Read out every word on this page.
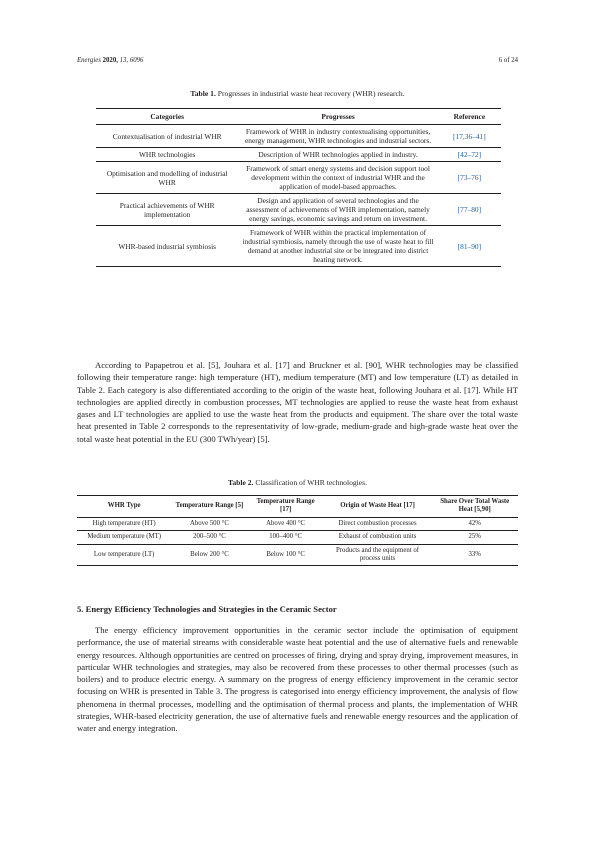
Energies 2020, 13, 6096	6 of 24
Table 1. Progresses in industrial waste heat recovery (WHR) research.
Categories	Progresses	Reference
Contextualisation of industrial WHR	Framework of WHR in industry contextualising opportunities, energy management, WHR technologies and industrial sectors.	[17,36–41]
WHR technologies	Description of WHR technologies applied in industry.	[42–72]
Optimisation and modelling of industrial WHR	Framework of smart energy systems and decision support tool development within the context of industrial WHR and the application of model-based approaches.	[73–76]
Practical achievements of WHR implementation	Design and application of several technologies and the assessment of achievements of WHR implementation, namely energy savings, economic savings and return on investment.	[77–80]
WHR-based industrial symbiosis	Framework of WHR within the practical implementation of industrial symbiosis, namely through the use of waste heat to fill demand at another industrial site or be integrated into district heating network.	[81–90]
According to Papapetrou et al. [5], Jouhara et al. [17] and Bruckner et al. [90], WHR technologies may be classified following their temperature range: high temperature (HT), medium temperature (MT) and low temperature (LT) as detailed in Table 2. Each category is also differentiated according to the origin of the waste heat, following Jouhara et al. [17]. While HT technologies are applied directly in combustion processes, MT technologies are applied to reuse the waste heat from exhaust gases and LT technologies are applied to use the waste heat from the products and equipment. The share over the total waste heat presented in Table 2 corresponds to the representativity of low-grade, medium-grade and high-grade waste heat over the total waste heat potential in the EU (300 TWh/year) [5].
Table 2. Classification of WHR technologies.
WHR Type	Temperature Range [5]	Temperature Range [17]	Origin of Waste Heat [17]	Share Over Total Waste Heat [5,90]
High temperature (HT)	Above 500 °C	Above 400 °C	Direct combustion processes	42%
Medium temperature (MT)	200–500 °C	100–400 °C	Exhaust of combustion units	25%
Low temperature (LT)	Below 200 °C	Below 100 °C	Products and the equipment of process units	33%
5. Energy Efficiency Technologies and Strategies in the Ceramic Sector
The energy efficiency improvement opportunities in the ceramic sector include the optimisation of equipment performance, the use of material streams with considerable waste heat potential and the use of alternative fuels and renewable energy resources. Although opportunities are centred on processes of firing, drying and spray drying, improvement measures, in particular WHR technologies and strategies, may also be recovered from these processes to other thermal processes (such as boilers) and to produce electric energy. A summary on the progress of energy efficiency improvement in the ceramic sector focusing on WHR is presented in Table 3. The progress is categorised into energy efficiency improvement, the analysis of flow phenomena in thermal processes, modelling and the optimisation of thermal process and plants, the implementation of WHR strategies, WHR-based electricity generation, the use of alternative fuels and renewable energy resources and the application of water and energy integration.
